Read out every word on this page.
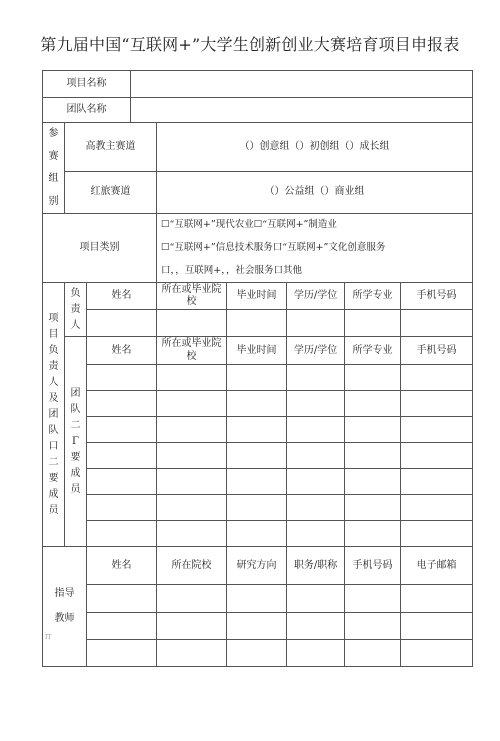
第九届中国“互联网+”大学生创新创业大赛培育项目申报表
项目名称								
团队名称								

参
赛
组
别	高教主赛道			（）创意组（）初创组（）成长组				
	红旅赛道			（）公益组（）商业组				
项目类别				☐“互联网+”现代农业☐“互联网+”制造业
☐“互联网+”信息技术服务口“互联网+”文化创意服务
口，，互联网+，，社会服务口其他				

项目负责人及团队口二要成员	负责人	姓名		所在或毕业院校	毕业时间	学历/学位	所学专业	手机号码

	团队二Γ要成员	姓名		所在或毕业院校	毕业时间	学历/学位	所学专业	手机号码

指导
教师		姓名		所在院校	研究方向	职务/职称	手机号码	电子邮箱

IT
